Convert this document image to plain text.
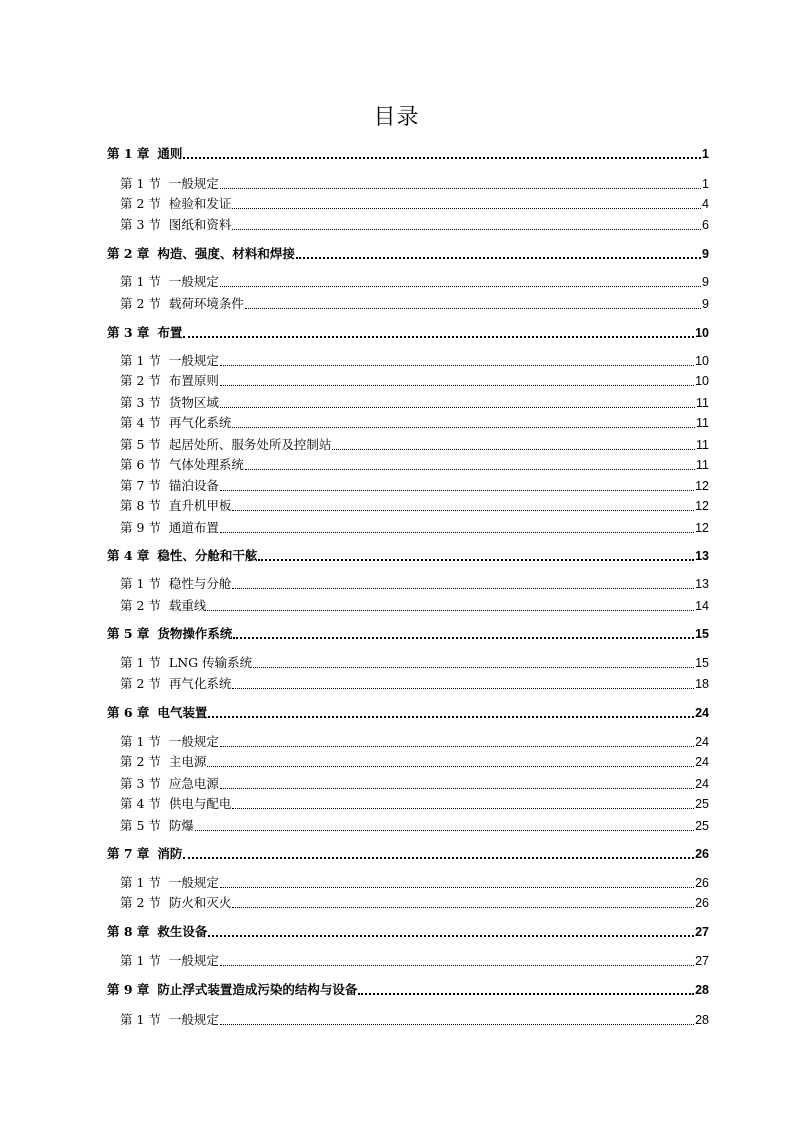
目录
第 1 章 通则	1
第 1 节 一般规定	1
第 2 节 检验和发证	4
第 3 节 图纸和资料	6
第 2 章 构造、强度、材料和焊接	9
第 1 节 一般规定	9
第 2 节 载荷环境条件	9
第 3 章 布置	10
第 1 节 一般规定	10
第 2 节 布置原则	10
第 3 节 货物区域	11
第 4 节 再气化系统	11
第 5 节 起居处所、服务处所及控制站	11
第 6 节 气体处理系统	11
第 7 节 锚泊设备	12
第 8 节 直升机甲板	12
第 9 节 通道布置	12
第 4 章 稳性、分舱和干舷	13
第 1 节 稳性与分舱	13
第 2 节 载重线	14
第 5 章 货物操作系统	15
第 1 节 LNG 传输系统	15
第 2 节 再气化系统	18
第 6 章 电气装置	24
第 1 节 一般规定	24
第 2 节 主电源	24
第 3 节 应急电源	24
第 4 节 供电与配电	25
第 5 节 防爆	25
第 7 章 消防	26
第 1 节 一般规定	26
第 2 节 防火和灭火	26
第 8 章 救生设备	27
第 1 节 一般规定	27
第 9 章 防止浮式装置造成污染的结构与设备	28
第 1 节 一般规定	28
